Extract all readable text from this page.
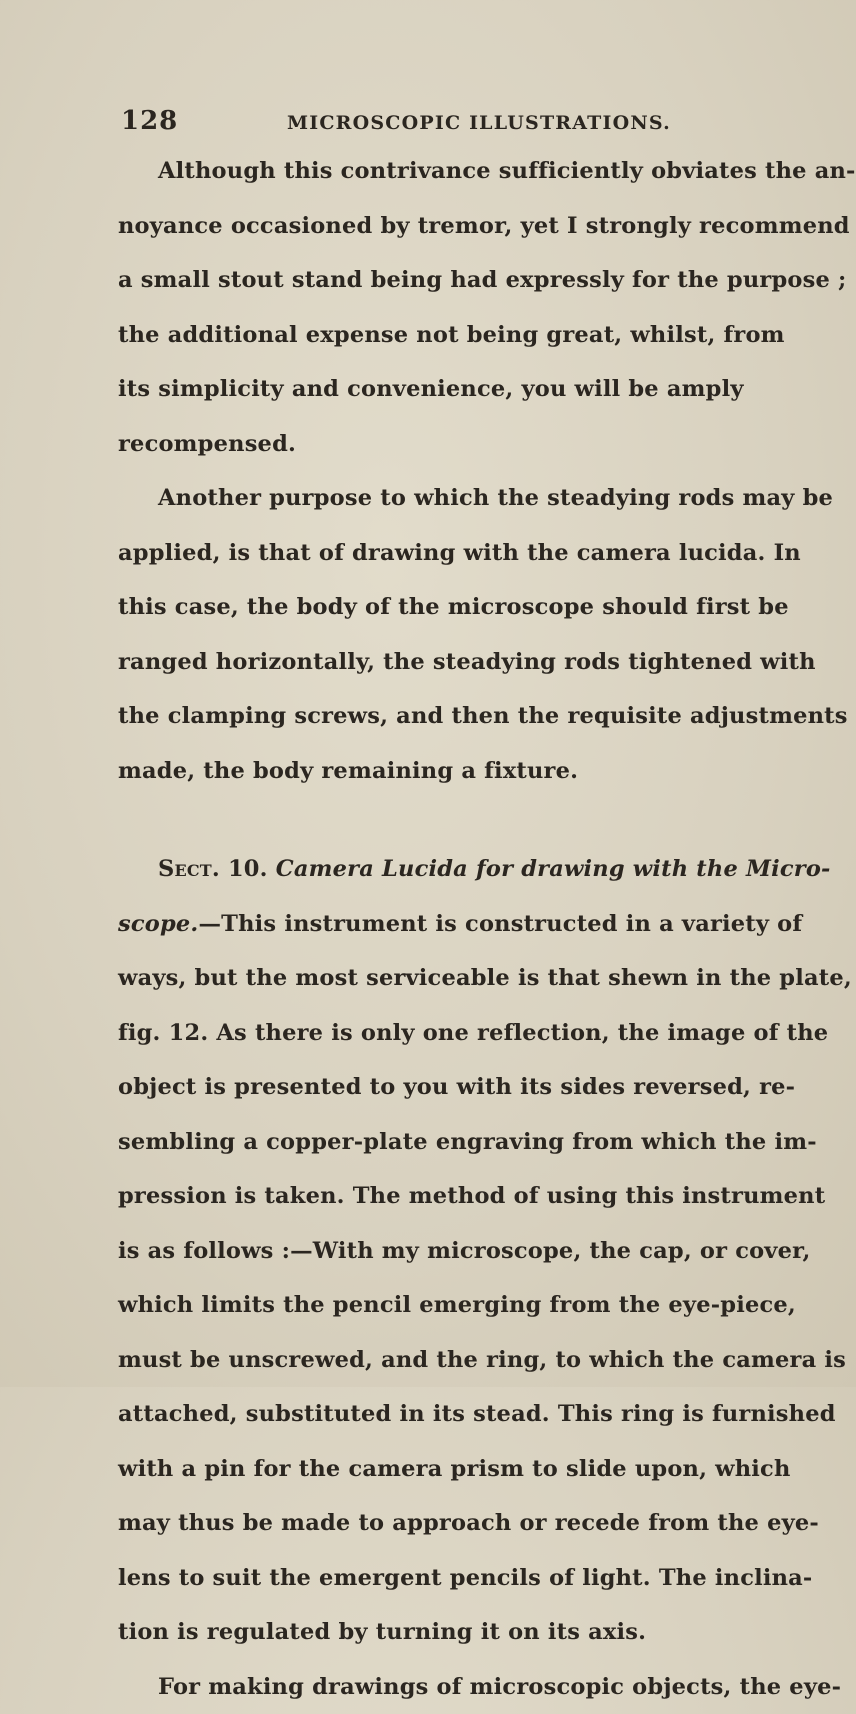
128	MICROSCOPIC ILLUSTRATIONS.
Although this contrivance sufficiently obviates the an-
noyance occasioned by tremor, yet I strongly recommend
a small stout stand being had expressly for the purpose ;
the additional expense not being great, whilst, from
its simplicity and convenience, you will be amply
recompensed.
Another purpose to which the steadying rods may be
applied, is that of drawing with the camera lucida. In
this case, the body of the microscope should first be
ranged horizontally, the steadying rods tightened with
the clamping screws, and then the requisite adjustments
made, the body remaining a fixture.
Sect. 10. Camera Lucida for drawing with the Micro-
scope.—This instrument is constructed in a variety of
ways, but the most serviceable is that shewn in the plate,
fig. 12. As there is only one reflection, the image of the
object is presented to you with its sides reversed, re-
sembling a copper-plate engraving from which the im-
pression is taken. The method of using this instrument
is as follows :—With my microscope, the cap, or cover,
which limits the pencil emerging from the eye-piece,
must be unscrewed, and the ring, to which the camera is
attached, substituted in its stead. This ring is furnished
with a pin for the camera prism to slide upon, which
may thus be made to approach or recede from the eye-
lens to suit the emergent pencils of light. The inclina-
tion is regulated by turning it on its axis.
For making drawings of microscopic objects, the eye-
